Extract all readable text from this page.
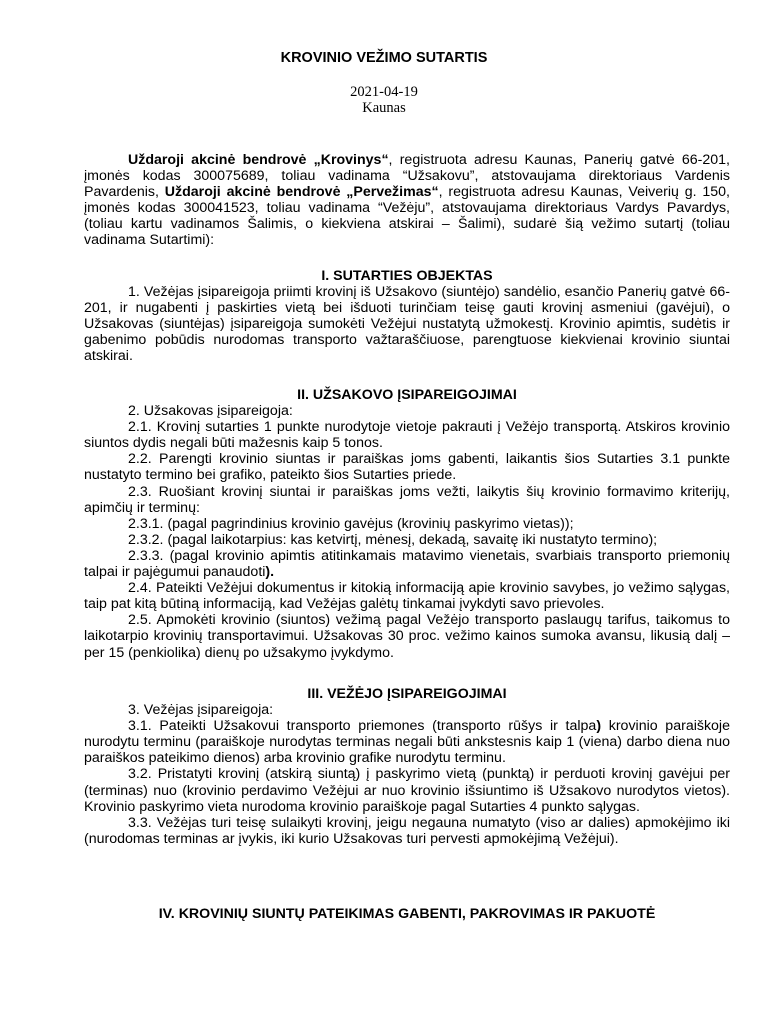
KROVINIO VEŽIMO SUTARTIS
2021-04-19
Kaunas

Uždaroji akcinė bendrovė „Krovinys“, registruota adresu Kaunas, Panerių gatvė 66-201, įmonės kodas 300075689, toliau vadinama “Užsakovu”, atstovaujama direktoriaus Vardenis Pavardenis, Uždaroji akcinė bendrovė „Pervežimas“, registruota adresu Kaunas, Veiverių g. 150, įmonės kodas 300041523, toliau vadinama “Vežėju”, atstovaujama direktoriaus Vardys Pavardys, (toliau kartu vadinamos Šalimis, o kiekviena atskirai – Šalimi), sudarė šią vežimo sutartį (toliau vadinama Sutartimi):

I. SUTARTIES OBJEKTAS

1. Vežėjas įsipareigoja priimti krovinį iš Užsakovo (siuntėjo) sandėlio, esančio Panerių gatvė 66-201, ir nugabenti į paskirties vietą bei išduoti turinčiam teisę gauti krovinį asmeniui (gavėjui), o Užsakovas (siuntėjas) įsipareigoja sumokėti Vežėjui nustatytą užmokestį. Krovinio apimtis, sudėtis ir gabenimo pobūdis nurodomas transporto važtaraščiuose, parengtuose kiekvienai krovinio siuntai atskirai.

II. UŽSAKOVO ĮSIPAREIGOJIMAI

2. Užsakovas įsipareigoja:

2.1. Krovinį sutarties 1 punkte nurodytoje vietoje pakrauti į Vežėjo transportą. Atskiros krovinio siuntos dydis negali būti mažesnis kaip 5 tonos.

2.2. Parengti krovinio siuntas ir paraiškas joms gabenti, laikantis šios Sutarties 3.1 punkte nustatyto termino bei grafiko, pateikto šios Sutarties priede.

2.3. Ruošiant krovinį siuntai ir paraiškas joms vežti, laikytis šių krovinio formavimo kriterijų, apimčių ir terminų:

2.3.1. (pagal pagrindinius krovinio gavėjus (krovinių paskyrimo vietas));

2.3.2. (pagal laikotarpius: kas ketvirtį, mėnesį, dekadą, savaitę iki nustatyto termino);

2.3.3. (pagal krovinio apimtis atitinkamais matavimo vienetais, svarbiais transporto priemonių talpai ir pajėgumui panaudoti).

2.4. Pateikti Vežėjui dokumentus ir kitokią informaciją apie krovinio savybes, jo vežimo sąlygas, taip pat kitą būtiną informaciją, kad Vežėjas galėtų tinkamai įvykdyti savo prievoles.

2.5. Apmokėti krovinio (siuntos) vežimą pagal Vežėjo transporto paslaugų tarifus, taikomus to laikotarpio krovinių transportavimui. Užsakovas 30 proc. vežimo kainos sumoka avansu, likusią dalį – per 15 (penkiolika) dienų po užsakymo įvykdymo.

III. VEŽĖJO ĮSIPAREIGOJIMAI

3. Vežėjas įsipareigoja:

3.1. Pateikti Užsakovui transporto priemones (transporto rūšys ir talpa) krovinio paraiškoje nurodytu terminu (paraiškoje nurodytas terminas negali būti ankstesnis kaip 1 (viena) darbo diena nuo paraiškos pateikimo dienos) arba krovinio grafike nurodytu terminu.

3.2. Pristatyti krovinį (atskirą siuntą) į paskyrimo vietą (punktą) ir perduoti krovinį gavėjui per (terminas) nuo (krovinio perdavimo Vežėjui ar nuo krovinio išsiuntimo iš Užsakovo nurodytos vietos). Krovinio paskyrimo vieta nurodoma krovinio paraiškoje pagal Sutarties 4 punkto sąlygas.

3.3. Vežėjas turi teisę sulaikyti krovinį, jeigu negauna numatyto (viso ar dalies) apmokėjimo iki (nurodomas terminas ar įvykis, iki kurio Užsakovas turi pervesti apmokėjimą Vežėjui).

IV. KROVINIŲ SIUNTŲ PATEIKIMAS GABENTI, PAKROVIMAS IR PAKUOTĖ
